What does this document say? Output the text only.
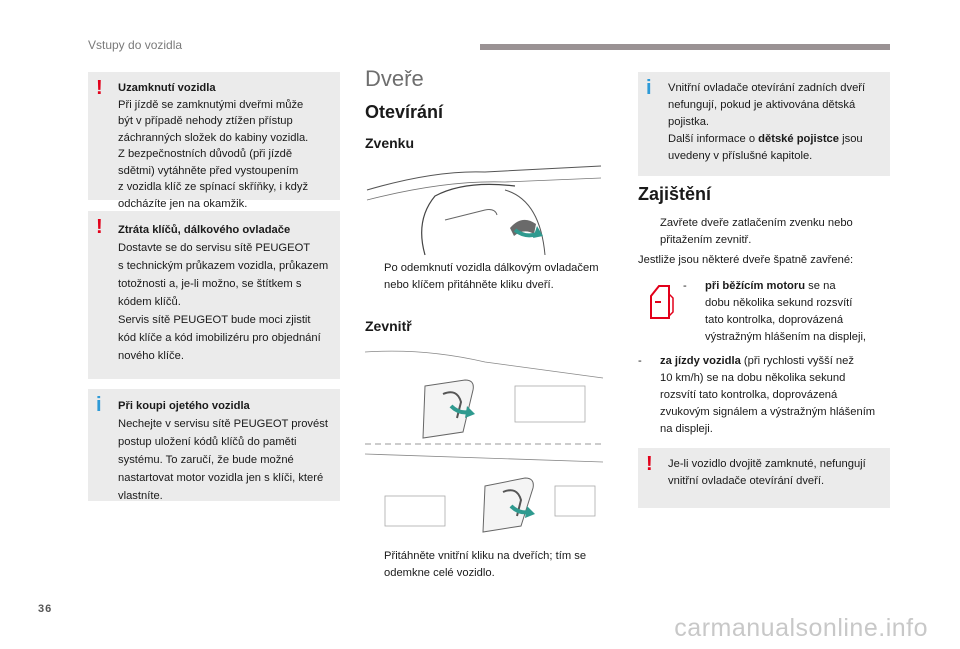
Vstupy do vozidla
! Uzamknutí vozidla

Při jízdě se zamknutými dveřmi může

být v případě nehody ztížen přístup

záchranných složek do kabiny vozidla.

Z bezpečnostních důvodů (při jízdě

sdětmi) vytáhněte před vystoupením

z vozidla klíč ze spínací skříňky, i když

odcházíte jen na okamžik.

! Ztráta klíčů, dálkového ovladače

Dostavte se do servisu sítě PEUGEOT

s technickým průkazem vozidla, průkazem

totožnosti a, je-li možno, se štítkem s

kódem klíčů.

Servis sítě PEUGEOT bude moci zjistit

kód klíče a kód imobilizéru pro objednání

nového klíče.

i Při koupi ojetého vozidla

Nechejte v servisu sítě PEUGEOT provést

postup uložení kódů klíčů do paměti

systému. To zaručí, že bude možné

nastartovat motor vozidla jen s klíči, které

vlastníte.

Dveře
Otevírání
Zvenku
Po odemknutí vozidla dálkovým ovladačem
nebo klíčem přitáhněte kliku dveří.
Zevnitř
Přitáhněte vnitřní kliku na dveřích; tím se
odemkne celé vozidlo.
i Vnitřní ovladače otevírání zadních dveří

nefungují, pokud je aktivována dětská

pojistka.

Další informace o dětské pojistce jsou

uvedeny v příslušné kapitole.

Zajištění
Zavřete dveře zatlačením zvenku nebo
přitažením zevnitř.
Jestliže jsou některé dveře špatně zavřené:
- při běžícím motoru se na
dobu několika sekund rozsvítí
tato kontrolka, doprovázená
výstražným hlášením na displeji,
- za jízdy vozidla (při rychlosti vyšší než
10 km/h) se na dobu několika sekund
rozsvítí tato kontrolka, doprovázená
zvukovým signálem a výstražným hlášením
na displeji.
! Je-li vozidlo dvojitě zamknuté, nefungují

vnitřní ovladače otevírání dveří.

36
carmanualsonline.info
